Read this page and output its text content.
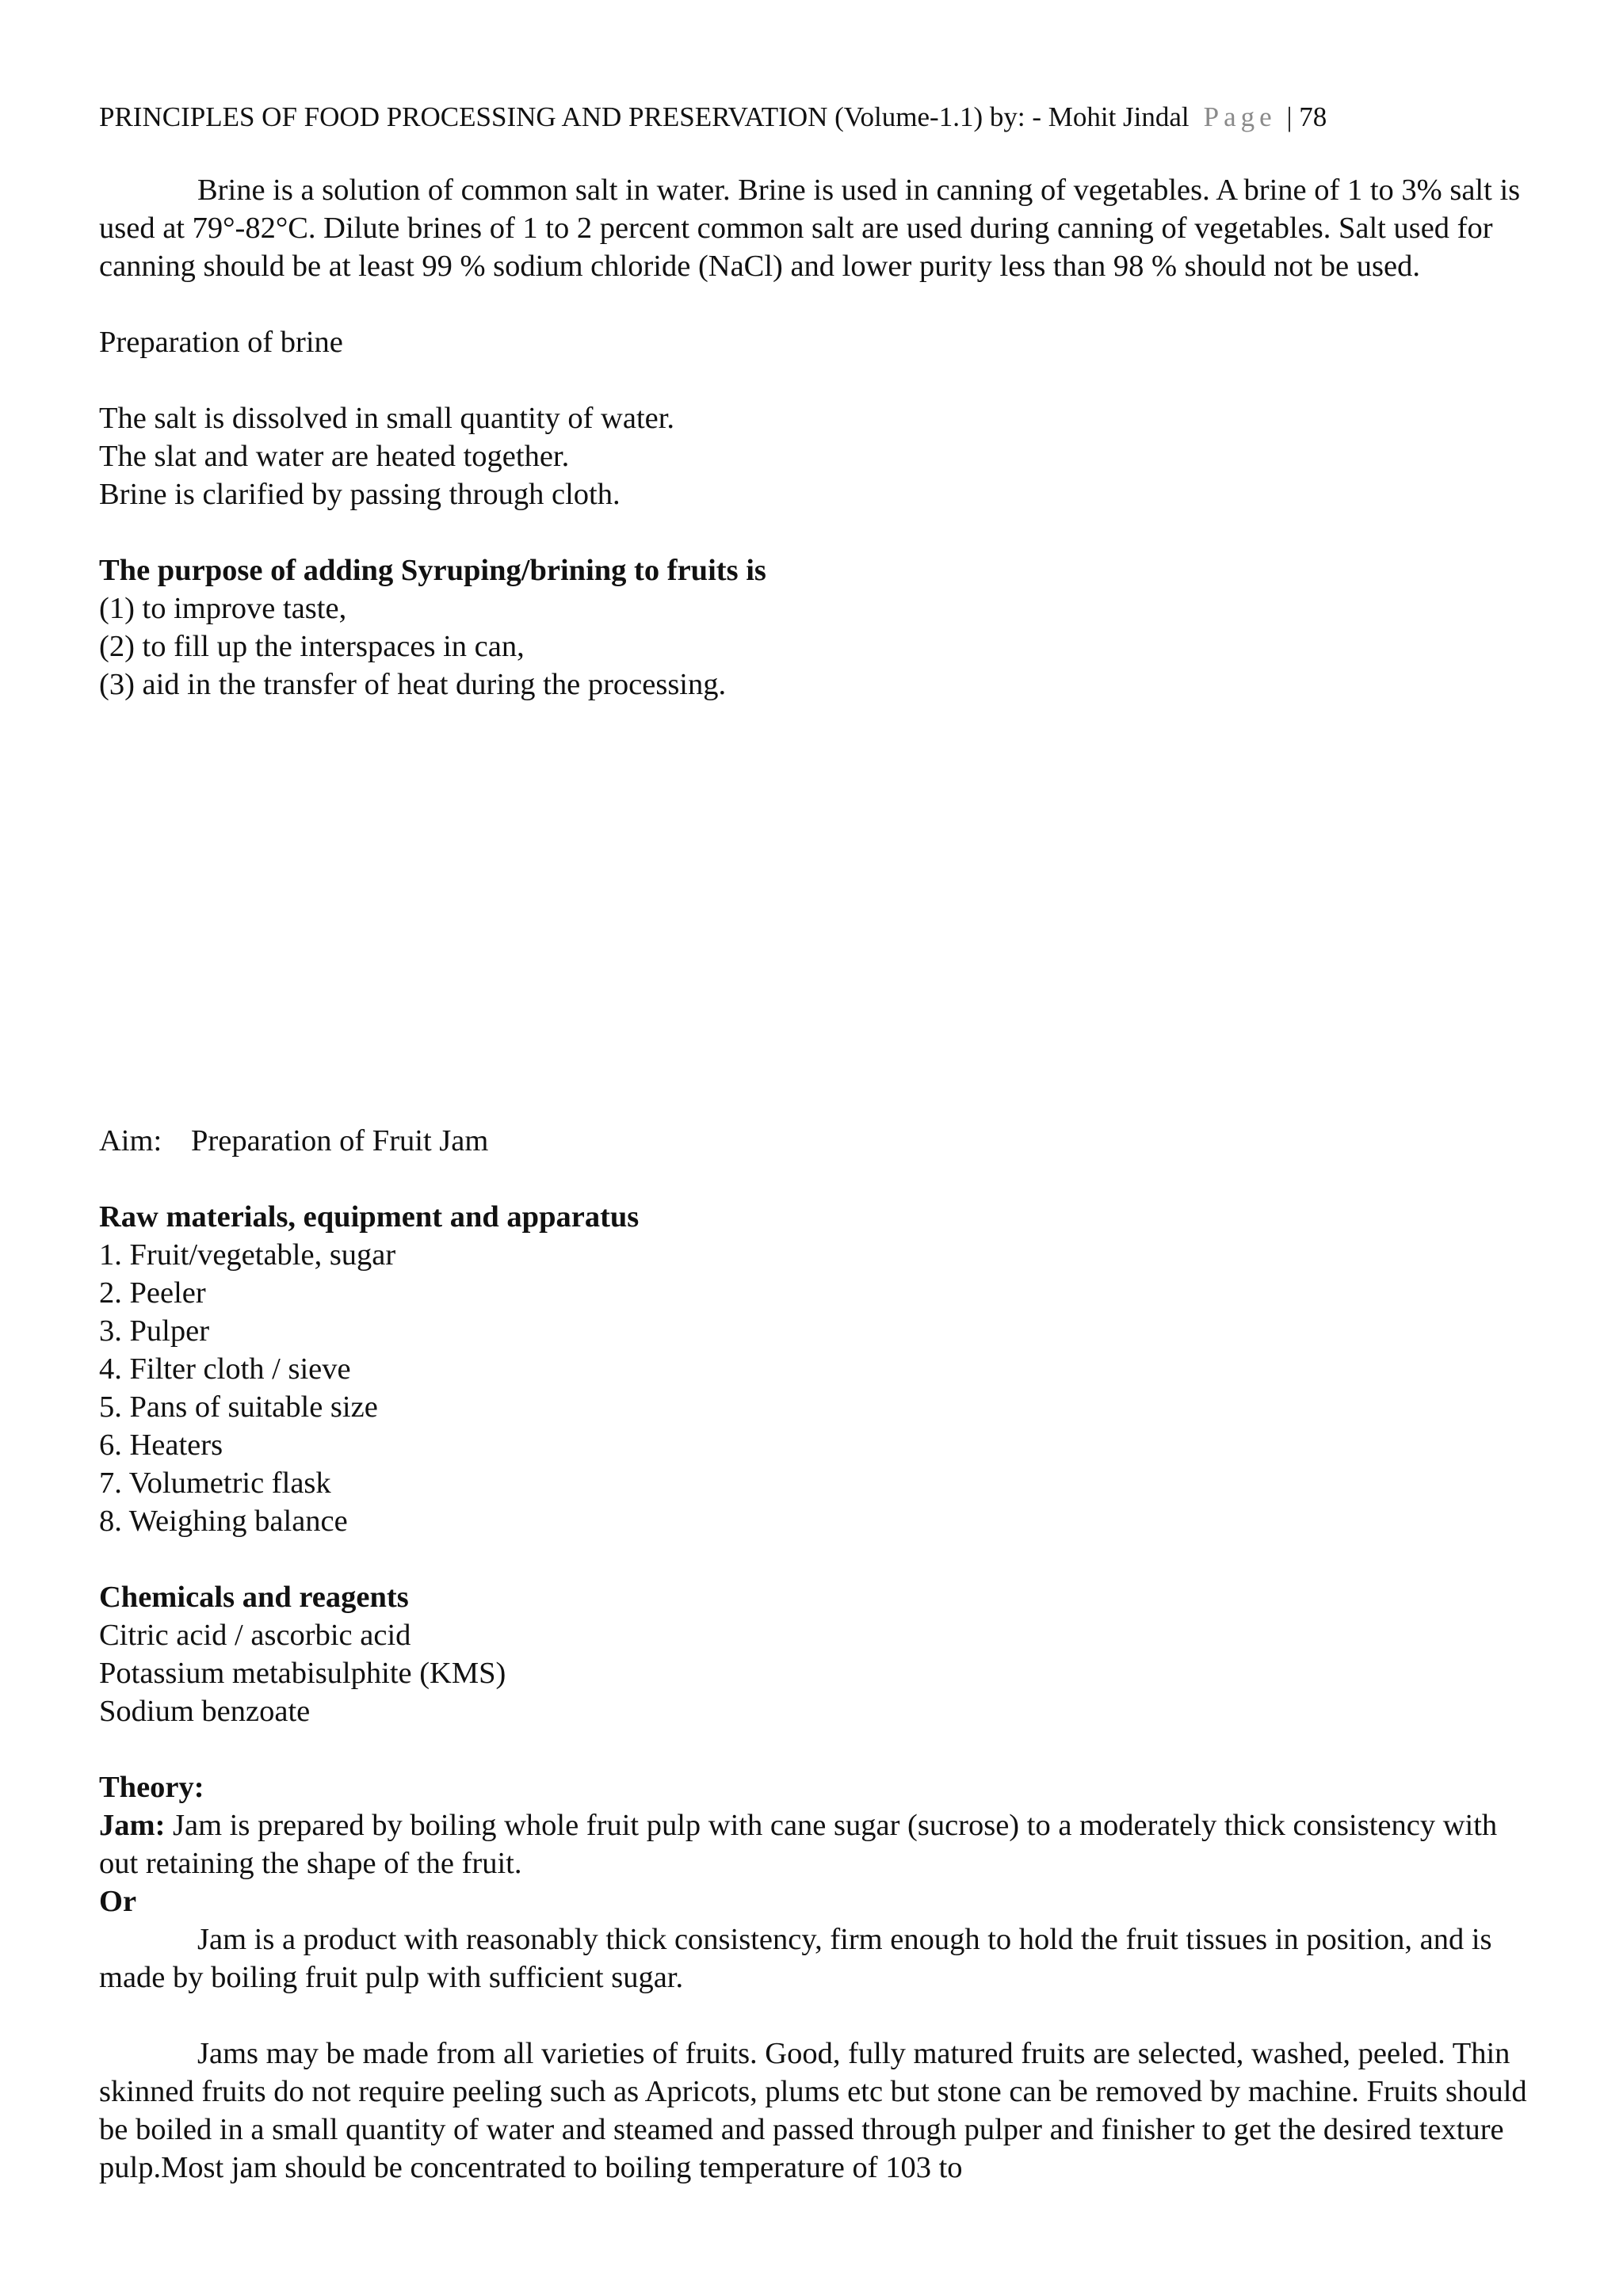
PRINCIPLES OF FOOD PROCESSING AND PRESERVATION (Volume-1.1) by: - Mohit Jindal Page | 78

Brine is a solution of common salt in water. Brine is used in canning of vegetables. A brine of 1 to 3% salt is used at 79°-82°C. Dilute brines of 1 to 2 percent common salt are used during canning of vegetables. Salt used for canning should be at least 99 % sodium chloride (NaCl) and lower purity less than 98 % should not be used.

Preparation of brine

The salt is dissolved in small quantity of water.
The slat and water are heated together.
Brine is clarified by passing through cloth.

The purpose of adding Syruping/brining to fruits is

(1) to improve taste,
(2) to fill up the interspaces in can,
(3) aid in the transfer of heat during the processing.

Aim: Preparation of Fruit Jam

Raw materials, equipment and apparatus

1. Fruit/vegetable, sugar
2. Peeler
3. Pulper
4. Filter cloth / sieve
5. Pans of suitable size
6. Heaters
7. Volumetric flask
8. Weighing balance

Chemicals and reagents

Citric acid / ascorbic acid
Potassium metabisulphite (KMS)
Sodium benzoate

Theory:

Jam: Jam is prepared by boiling whole fruit pulp with cane sugar (sucrose) to a moderately thick consistency with out retaining the shape of the fruit.

Or

Jam is a product with reasonably thick consistency, firm enough to hold the fruit tissues in position, and is made by boiling fruit pulp with sufficient sugar.

Jams may be made from all varieties of fruits. Good, fully matured fruits are selected, washed, peeled. Thin skinned fruits do not require peeling such as Apricots, plums etc but stone can be removed by machine. Fruits should be boiled in a small quantity of water and steamed and passed through pulper and finisher to get the desired texture pulp.Most jam should be concentrated to boiling temperature of 103 to
